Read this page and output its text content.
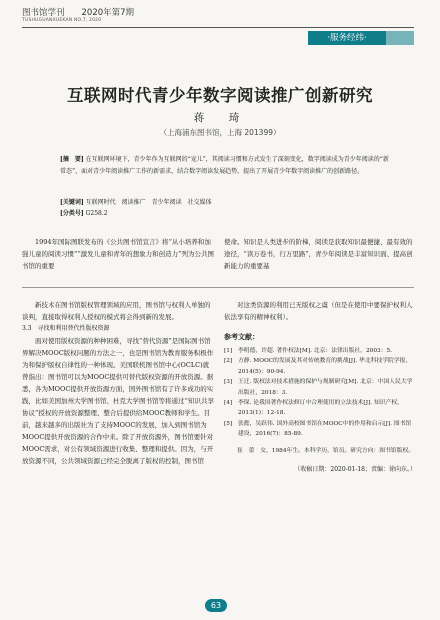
图书馆学刊　　2020年第7期
TUSHUGUANXUEKAN NO.7, 2020
·服务经纬·
互联网时代青少年数字阅读推广创新研究
蒋　琦
（上海浦东图书馆，上海 201399）
[摘　要] 在互联网环境下，青少年作为互联网的“宠儿”，其阅读习惯和方式发生了深刻变化，数字阅读成为青少年阅读的“新常态”，面对青少年阅读推广工作的新需求，结合数字阅读发展趋势，提出了开展青少年数字阅读推广的创新路径。
[关键词] 互联网时代　阅读推广　青少年阅读　社交媒体
[分类号] G258.2
1994年国际图联发布的《公共图书馆宣言》将“从小培养和加强儿童的阅读习惯”“激发儿童和青年的想象力和创造力”列为公共图书馆的重要
使命。知识是人类进步的阶梯，阅读是获取知识最便捷、最有效的途径，“读万卷书，行万里路”，青少年阅读是丰富知识面、提高创新能力的重要基

新技术在图书馆版权管理领域的应用，图书馆与权利人单独的谈判，直接取得权利人授权的模式将会得到新的发展。

3.3　寻找和利用替代性版权资源

面对使用版权资源的种种困难，寻找“替代资源”是国际图书馆界解决MOOC版权问题的方法之一，也是图书馆为教育服务积极作为和保护版权自律性的一种体现。美国联机图书馆中心(OCLC)就曾指出：图书馆可以为MOOC提供可替代版权资源的开放资源。据悉，各为MOOC提供开放资源方面，国外图书馆有了许多成功的实践，比如美国加州大学图书馆、杜克大学图书馆等将通过“知识共享协议”授权的开放资源整理、整合后提供给MOOC教师和学生。目前，越来越多的出版社为了支持MOOC的发展，加入到图书馆为MOOC提供开放资源的合作中来。除了开放资源外，图书馆要针对MOOC需求，对公有领域资源进行收集、整理和提供。因为，与开放资源不同，公共领域资源已经完全脱离了版权的控制，图书馆

对这类资源的利用已无版权之虞（但是在使用中要保护权利人依法享有的精神权利）。

参考文献：

[1]　李明德，许超. 著作权法[M]. 北京：法律出版社，2003：5.
[2]　方静. MOOC的发展及其对传统教育的挑战[J]. 华北科技学院学报，2014(5)：90-94.
[3]　王迁. 版权法对技术措施的保护与规制研究[M]. 北京：中国人民大学出版社，2018：3.
[4]　李琛. 论我国著作权法修订中合理使用的立法技术[J]. 知识产权，2013(1)：12-18.
[5]　张懿，吴跃伟. 国外高校图书馆在MOOC中的作用和启示[J]. 图书馆建设，2016(7)：85-89.

崔　蕾　女，1984年生。本科学历，馆员。研究方向：图书馆版权。

（收稿日期：2020-01-18；责编：徐向东。）

63
